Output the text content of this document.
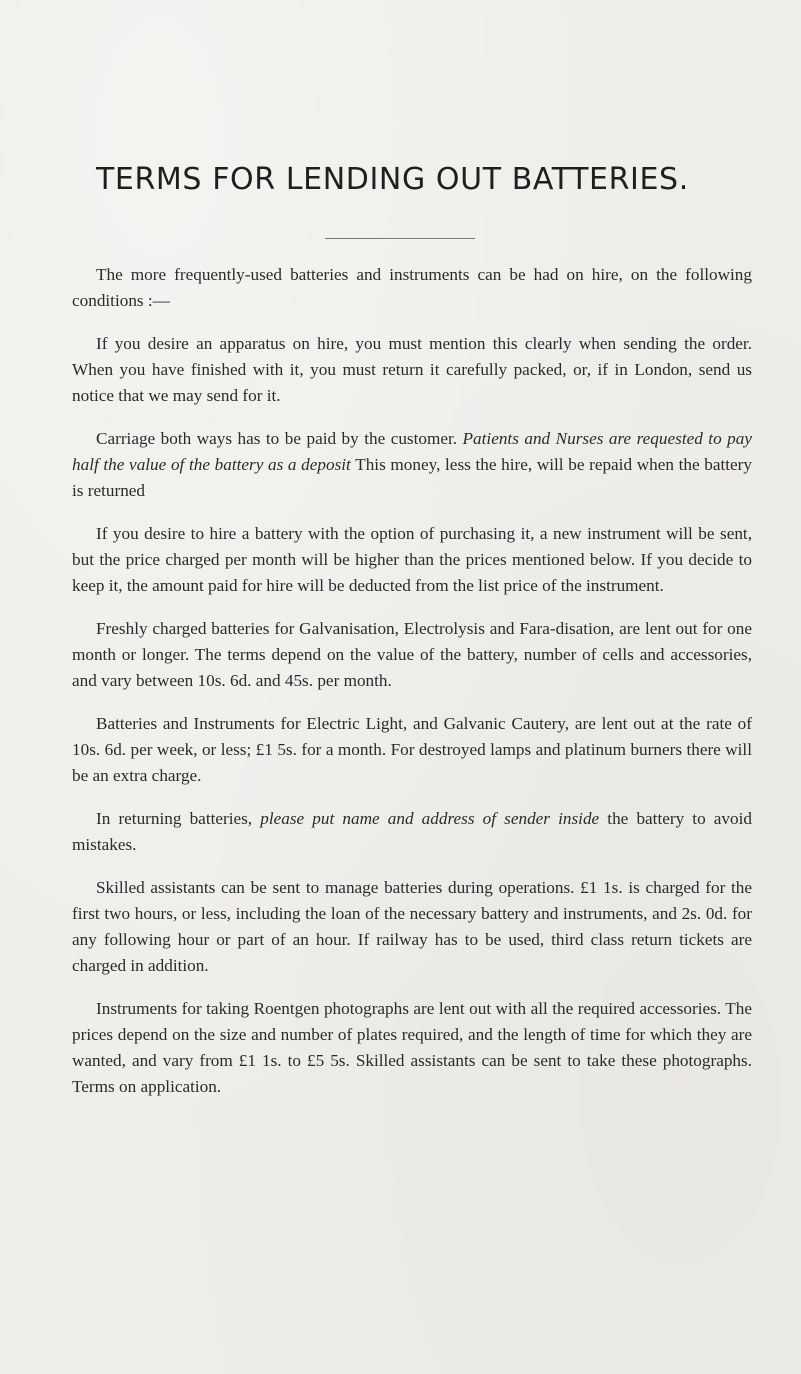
TERMS FOR LENDING OUT BATTERIES.

The more frequently-used batteries and instruments can be had on hire, on the following conditions :—

If you desire an apparatus on hire, you must mention this clearly when sending the order. When you have finished with it, you must return it carefully packed, or, if in London, send us notice that we may send for it.

Carriage both ways has to be paid by the customer. Patients and Nurses are requested to pay half the value of the battery as a deposit This money, less the hire, will be repaid when the battery is returned

If you desire to hire a battery with the option of purchasing it, a new instrument will be sent, but the price charged per month will be higher than the prices mentioned below. If you decide to keep it, the amount paid for hire will be deducted from the list price of the instrument.

Freshly charged batteries for Galvanisation, Electrolysis and Fara-disation, are lent out for one month or longer. The terms depend on the value of the battery, number of cells and accessories, and vary between 10s. 6d. and 45s. per month.

Batteries and Instruments for Electric Light, and Galvanic Cautery, are lent out at the rate of 10s. 6d. per week, or less; £1 5s. for a month. For destroyed lamps and platinum burners there will be an extra charge.

In returning batteries, please put name and address of sender inside the battery to avoid mistakes.

Skilled assistants can be sent to manage batteries during operations. £1 1s. is charged for the first two hours, or less, including the loan of the necessary battery and instruments, and 2s. 0d. for any following hour or part of an hour. If railway has to be used, third class return tickets are charged in addition.

Instruments for taking Roentgen photographs are lent out with all the required accessories. The prices depend on the size and number of plates required, and the length of time for which they are wanted, and vary from £1 1s. to £5 5s. Skilled assistants can be sent to take these photographs. Terms on application.
